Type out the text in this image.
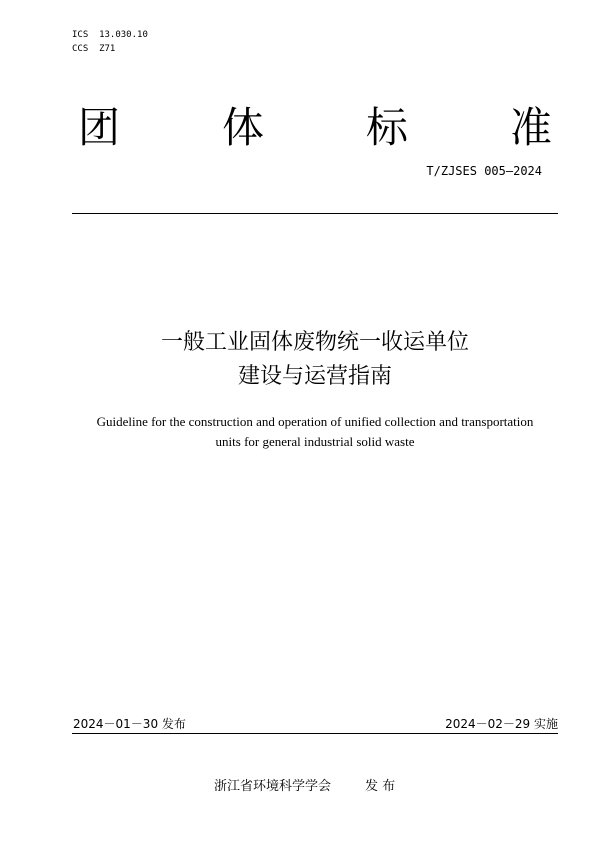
ICS  13.030.10
CCS  Z71
团 体 标 准
T/ZJSES 005—2024
一般工业固体废物统一收运单位
建设与运营指南
Guideline for the construction and operation of unified collection and transportation
units for general industrial solid waste
2024－01－30 发布	2024－02－29 实施
浙江省环境科学学会	发 布
